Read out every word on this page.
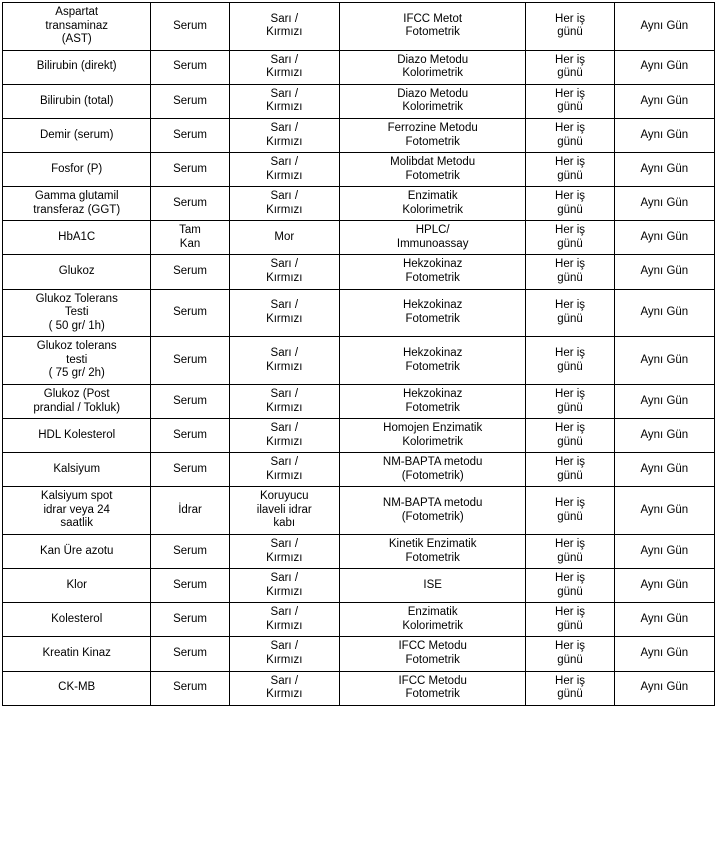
Aspartat
transaminaz
(AST)	Serum	Sarı /
Kırmızı	IFCC Metot
Fotometrik	Her iş
günü	Aynı Gün

Bilirubin (direkt)	Serum	Sarı /
Kırmızı	Diazo Metodu
Kolorimetrik	Her iş
günü	Aynı Gün

Bilirubin (total)	Serum	Sarı /
Kırmızı	Diazo Metodu
Kolorimetrik	Her iş
günü	Aynı Gün

Demir (serum)	Serum	Sarı /
Kırmızı	Ferrozine Metodu
Fotometrik	Her iş
günü	Aynı Gün

Fosfor (P)	Serum	Sarı /
Kırmızı	Molibdat Metodu
Fotometrik	Her iş
günü	Aynı Gün

Gamma glutamil
transferaz (GGT)	Serum	Sarı /
Kırmızı	Enzimatik
Kolorimetrik	Her iş
günü	Aynı Gün

HbA1C	Tam
Kan	Mor	HPLC/
Immunoassay	Her iş
günü	Aynı Gün

Glukoz	Serum	Sarı /
Kırmızı	Hekzokinaz
Fotometrik	Her iş
günü	Aynı Gün

Glukoz Tolerans
Testi
( 50 gr/ 1h)	Serum	Sarı /
Kırmızı	Hekzokinaz
Fotometrik	Her iş
günü	Aynı Gün

Glukoz tolerans
testi
( 75 gr/ 2h)	Serum	Sarı /
Kırmızı	Hekzokinaz
Fotometrik	Her iş
günü	Aynı Gün

Glukoz (Post
prandial / Tokluk)	Serum	Sarı /
Kırmızı	Hekzokinaz
Fotometrik	Her iş
günü	Aynı Gün

HDL Kolesterol	Serum	Sarı /
Kırmızı	Homojen Enzimatik
Kolorimetrik	Her iş
günü	Aynı Gün

Kalsiyum	Serum	Sarı /
Kırmızı	NM-BAPTA metodu
(Fotometrik)	Her iş
günü	Aynı Gün

Kalsiyum spot
idrar veya 24
saatlik	İdrar	Koruyucu
ilaveli idrar
kabı	NM-BAPTA metodu
(Fotometrik)	Her iş
günü	Aynı Gün

Kan Üre azotu	Serum	Sarı /
Kırmızı	Kinetik Enzimatik
Fotometrik	Her iş
günü	Aynı Gün

Klor	Serum	Sarı /
Kırmızı	ISE	Her iş
günü	Aynı Gün

Kolesterol	Serum	Sarı /
Kırmızı	Enzimatik
Kolorimetrik	Her iş
günü	Aynı Gün

Kreatin Kinaz	Serum	Sarı /
Kırmızı	IFCC Metodu
Fotometrik	Her iş
günü	Aynı Gün

CK-MB	Serum	Sarı /
Kırmızı	IFCC Metodu
Fotometrik	Her iş
günü	Aynı Gün
